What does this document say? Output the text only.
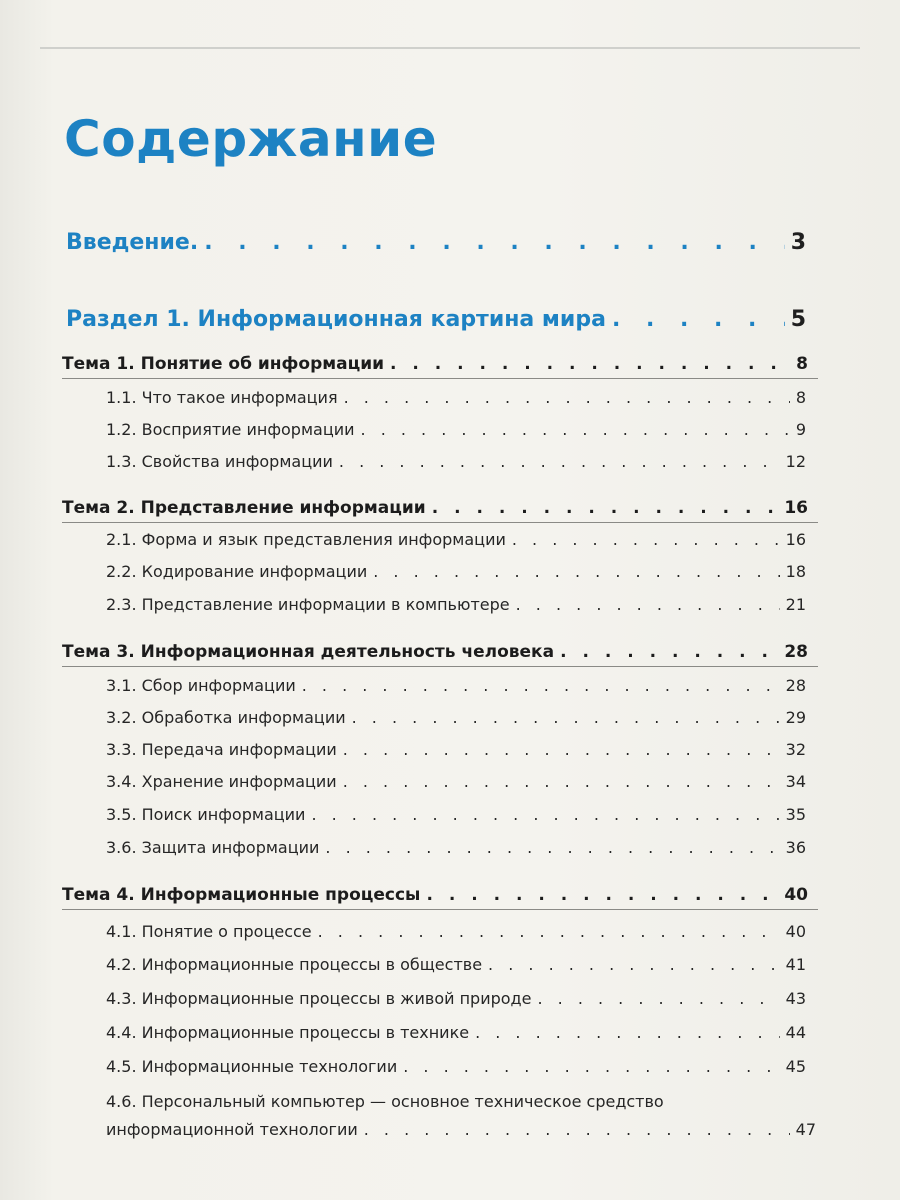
Содержание
Введение. . . .	3
Раздел 1. Информационная картина мира . . .	5
Тема 1. Понятие об информации . . .	8
1.1. Что такое информация . . .	8
1.2. Восприятие информации . . .	9
1.3. Свойства информации . . .	12
Тема 2. Представление информации . . .	16
2.1. Форма и язык представления информации . . .	16
2.2. Кодирование информации . . .	18
2.3. Представление информации в компьютере . . .	21
Тема 3. Информационная деятельность человека . . .	28
3.1. Сбор информации . . .	28
3.2. Обработка информации . . .	29
3.3. Передача информации . . .	32
3.4. Хранение информации . . .	34
3.5. Поиск информации . . .	35
3.6. Защита информации . . .	36
Тема 4. Информационные процессы . . .	40
4.1. Понятие о процессе . . .	40
4.2. Информационные процессы в обществе . . .	41
4.3. Информационные процессы в живой природе . . .	43
4.4. Информационные процессы в технике . . .	44
4.5. Информационные технологии . . .	45
4.6. Персональный компьютер — основное техническое средство
информационной технологии . . .	47
